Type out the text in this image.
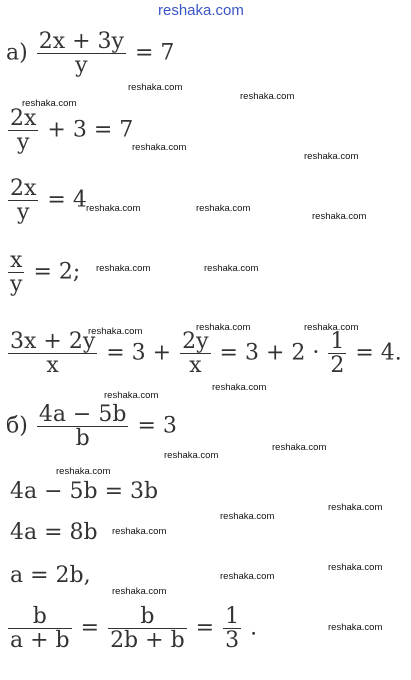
reshaka.com
reshaka.com
reshaka.com
reshaka.com
reshaka.com
reshaka.com
reshaka.com	reshaka.com
reshaka.com
reshaka.com	reshaka.com
reshaka.com	reshaka.com	reshaka.com
reshaka.com
reshaka.com
reshaka.com
reshaka.com
reshaka.com
reshaka.com
reshaka.com
reshaka.com
reshaka.com
reshaka.com
reshaka.com
reshaka.com
$а) \frac{2x + 3y}{y} = 7$
$\frac{2x}{y} + 3 = 7$
$\frac{2x}{y} = 4$
$\frac{x}{y} = 2$;
$\frac{3x + 2y}{x} = 3 + \frac{2y}{x} = 3 + 2 \cdot \frac{1}{2} = 4$.
$б) \frac{4a - 5b}{b} = 3$
4a − 5b = 3b
4a = 8b
a = 2b,
$\frac{b}{a + b} = \frac{b}{2b + b} = \frac{1}{3}$ .
